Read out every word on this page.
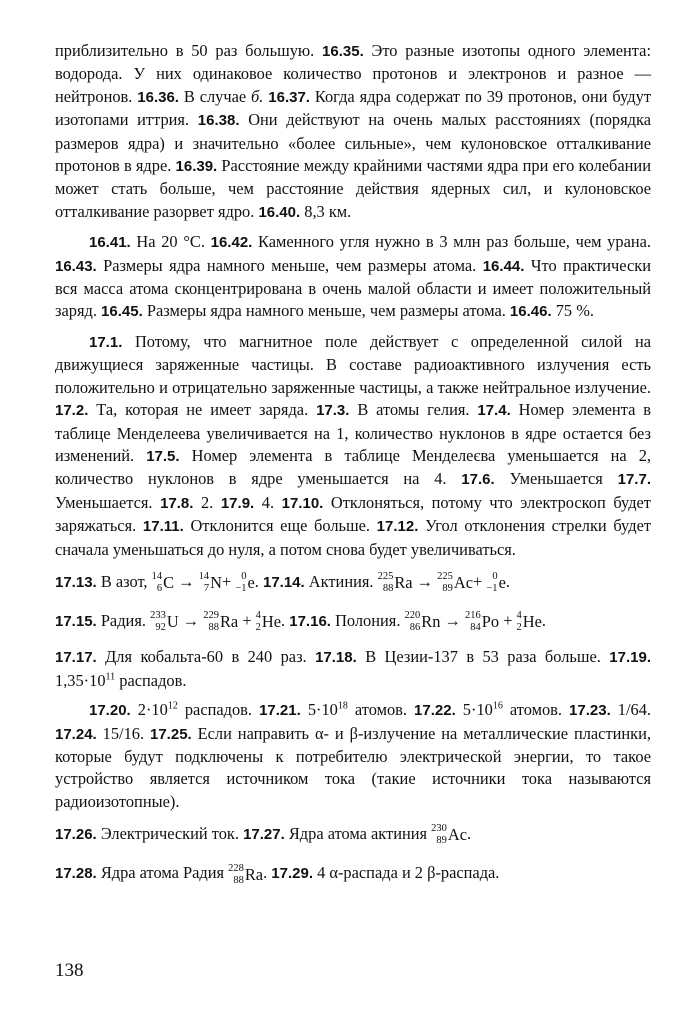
приблизительно в 50 раз большую. 16.35. Это разные изотопы одного элемента: водорода. У них одинаковое количество протонов и электронов и разное — нейтронов. 16.36. В случае б. 16.37. Когда ядра содержат по 39 протонов, они будут изотопами иттрия. 16.38. Они действуют на очень малых расстояниях (порядка размеров ядра) и значительно «более сильные», чем кулоновское отталкивание протонов в ядре. 16.39. Расстояние между крайними частями ядра при его колебании может стать больше, чем расстояние действия ядерных сил, и кулоновское отталкивание разорвет ядро. 16.40. 8,3 км.

16.41. На 20 °C. 16.42. Каменного угля нужно в 3 млн раз больше, чем урана. 16.43. Размеры ядра намного меньше, чем размеры атома. 16.44. Что практически вся масса атома сконцентрирована в очень малой области и имеет положительный заряд. 16.45. Размеры ядра намного меньше, чем размеры атома. 16.46. 75 %.

17.1. Потому, что магнитное поле действует с определенной силой на движущиеся заряженные частицы. В составе радиоактивного излучения есть положительно и отрицательно заряженные частицы, а также нейтральное излучение. 17.2. Та, которая не имеет заряда. 17.3. В атомы гелия. 17.4. Номер элемента в таблице Менделеева увеличивается на 1, количество нуклонов в ядре остается без изменений. 17.5. Номер элемента в таблице Менделеєва уменьшается на 2, количество нуклонов в ядре уменьшается на 4. 17.6. Уменьшается 17.7. Уменьшается. 17.8. 2. 17.9. 4. 17.10. Отклоняться, потому что электроскоп будет заряжаться. 17.11. Отклонится еще больше. 17.12. Угол отклонения стрелки будет сначала уменьшаться до нуля, а потом снова будет увеличиваться.

17.13. В азот, 14
6 C → 14
7 N + 0
−1 e . 17.14. Актиния. 225
88 Ra → 225
89 Ac + 0
−1 e .

17.15. Радия. 233
92 U → 229
88 Ra + 4
2 He . 17.16. Полония. 220
86 Rn → 216
84 Po + 4
2 He .

17.17. Для кобальта-60 в 240 раз. 17.18. В Цезии-137 в 53 раза больше. 17.19. $1,35\cdot 10^{11}$ распадов.

17.20. $2\cdot 10^{12}$ распадов. 17.21. $5\cdot 10^{18}$ атомов. 17.22. $5\cdot 10^{16}$ атомов. 17.23. 1/64. 17.24. 15/16. 17.25. Если направить α- и β-излучение на металлические пластинки, которые будут подключены к потребителю электрической энергии, то такое устройство является источником тока (такие источники тока называются радиоизотопные).

17.26. Электрический ток. 17.27. Ядра атома актиния 230
89 Ac .

17.28. Ядра атома Радия 228
88 Ra . 17.29. 4 α-распада и 2 β-распада.

138
